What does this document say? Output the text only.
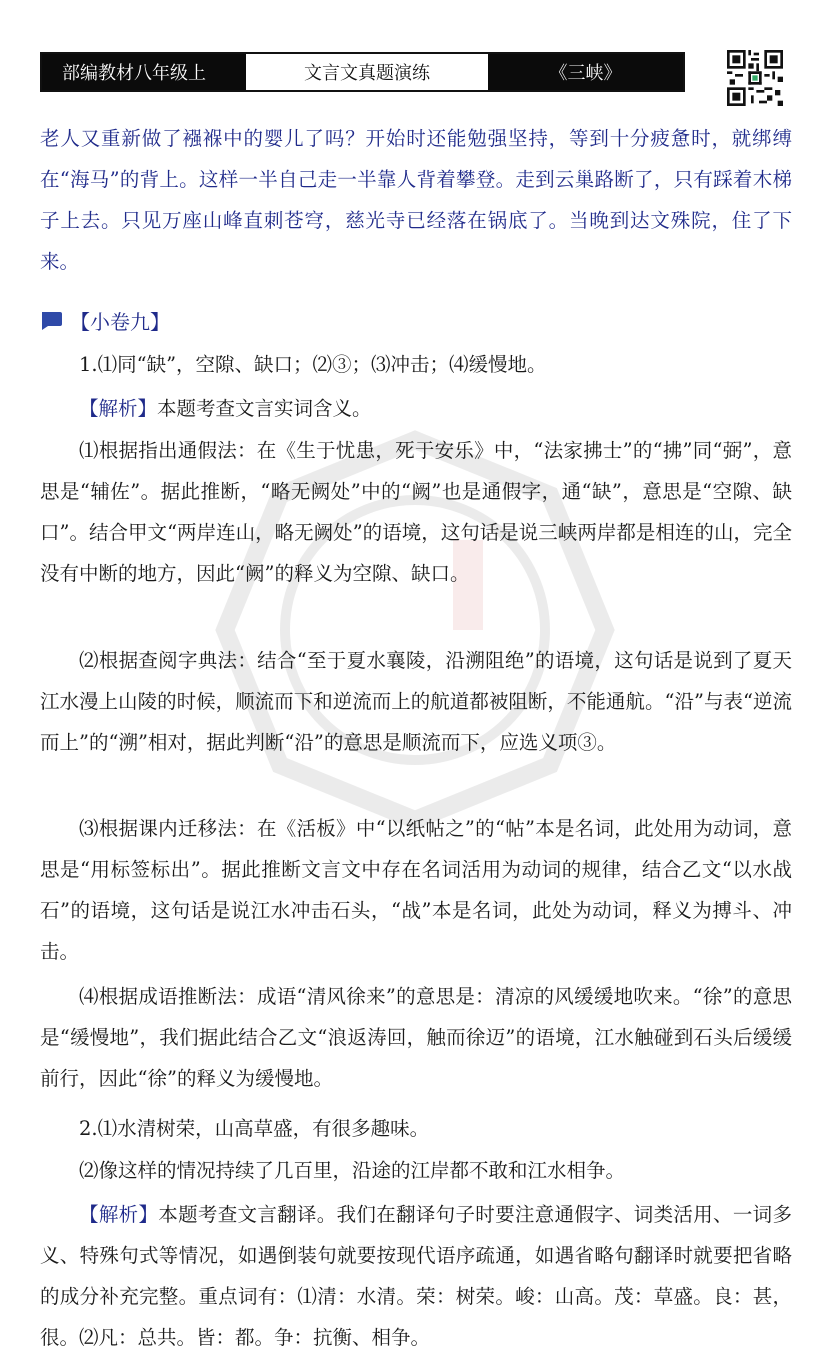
部编教材八年级上	文言文真题演练	《三峡》

老人又重新做了襁褓中的婴儿了吗？开始时还能勉强坚持，等到十分疲惫时，就绑缚在“海马”的背上。这样一半自己走一半靠人背着攀登。走到云巢路断了，只有踩着木梯子上去。只见万座山峰直刺苍穹，慈光寺已经落在锅底了。当晚到达文殊院，住了下来。

【小卷九】

1.⑴同“缺”，空隙、缺口；⑵③；⑶冲击；⑷缓慢地。

【解析】本题考查文言实词含义。

⑴根据指出通假法：在《生于忧患，死于安乐》中，“法家拂士”的“拂”同“弼”，意思是“辅佐”。据此推断，“略无阙处”中的“阙”也是通假字，通“缺”，意思是“空隙、缺口”。结合甲文“两岸连山，略无阙处”的语境，这句话是说三峡两岸都是相连的山，完全没有中断的地方，因此“阙”的释义为空隙、缺口。

⑵根据查阅字典法：结合“至于夏水襄陵，沿溯阻绝”的语境，这句话是说到了夏天江水漫上山陵的时候，顺流而下和逆流而上的航道都被阻断，不能通航。“沿”与表“逆流而上”的“溯”相对，据此判断“沿”的意思是顺流而下，应选义项③。

⑶根据课内迁移法：在《活板》中“以纸帖之”的“帖”本是名词，此处用为动词，意思是“用标签标出”。据此推断文言文中存在名词活用为动词的规律，结合乙文“以水战石”的语境，这句话是说江水冲击石头，“战”本是名词，此处为动词，释义为搏斗、冲击。

⑷根据成语推断法：成语“清风徐来”的意思是：清凉的风缓缓地吹来。“徐”的意思是“缓慢地”，我们据此结合乙文“浪返涛回，触而徐迈”的语境，江水触碰到石头后缓缓前行，因此“徐”的释义为缓慢地。

2.⑴水清树荣，山高草盛，有很多趣味。

⑵像这样的情况持续了几百里，沿途的江岸都不敢和江水相争。

【解析】本题考查文言翻译。我们在翻译句子时要注意通假字、词类活用、一词多义、特殊句式等情况，如遇倒装句就要按现代语序疏通，如遇省略句翻译时就要把省略的成分补充完整。重点词有：⑴清：水清。荣：树荣。峻：山高。茂：草盛。良：甚，很。⑵凡：总共。皆：都。争：抗衡、相争。
